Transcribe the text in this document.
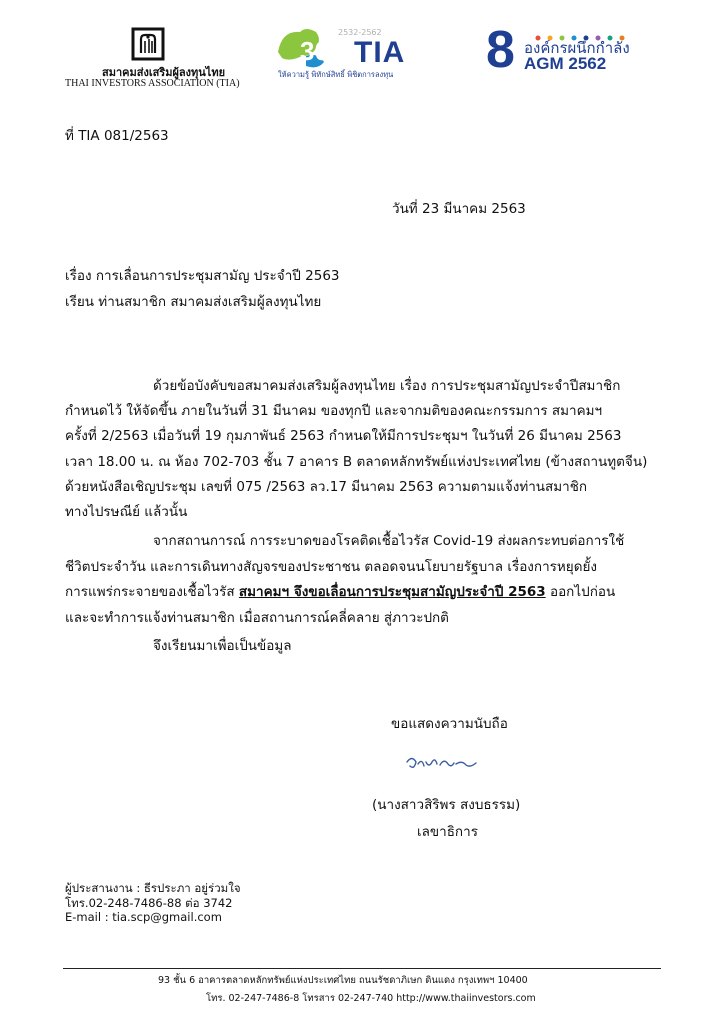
สมาคมส่งเสริมผู้ลงทุนไทย
THAI INVESTORS ASSOCIATION (TIA)
30
2532-2562
TIA
ให้ความรู้ พิทักษ์สิทธิ์ พิชิตการลงทุน 8 องค์กรผนึกกำลัง
AGM 2562
ที่ TIA 081/2563
วันที่ 23 มีนาคม 2563
เรื่อง การเลื่อนการประชุมสามัญ ประจำปี 2563
เรียน ท่านสมาชิก สมาคมส่งเสริมผู้ลงทุนไทย
ด้วยข้อบังคับขอสมาคมส่งเสริมผู้ลงทุนไทย เรื่อง การประชุมสามัญประจำปีสมาชิก
กำหนดไว้ ให้จัดขึ้น ภายในวันที่ 31 มีนาคม ของทุกปี และจากมติของคณะกรรมการ สมาคมฯ
ครั้งที่ 2/2563 เมื่อวันที่ 19 กุมภาพันธ์ 2563 กำหนดให้มีการประชุมฯ ในวันที่ 26 มีนาคม 2563
เวลา 18.00 น. ณ ห้อง 702-703 ชั้น 7 อาคาร B ตลาดหลักทรัพย์แห่งประเทศไทย (ข้างสถานทูตจีน)
ด้วยหนังสือเชิญประชุม เลขที่ 075 /2563 ลว.17 มีนาคม 2563 ความตามแจ้งท่านสมาชิก
ทางไปรษณีย์ แล้วนั้น
จากสถานการณ์ การระบาดของโรคติดเชื้อไวรัส Covid-19 ส่งผลกระทบต่อการใช้
ชีวิตประจำวัน และการเดินทางสัญจรของประชาชน ตลอดจนนโยบายรัฐบาล เรื่องการหยุดยั้ง
การแพร่กระจายของเชื้อไวรัส สมาคมฯ จึงขอเลื่อนการประชุมสามัญประจำปี 2563 ออกไปก่อน
และจะทำการแจ้งท่านสมาชิก เมื่อสถานการณ์คลี่คลาย สู่ภาวะปกติ
จึงเรียนมาเพื่อเป็นข้อมูล
ขอแสดงความนับถือ
(นางสาวสิริพร สงบธรรม)
เลขาธิการ
ผู้ประสานงาน : ธีรประภา อยู่ร่วมใจ
โทร.02-248-7486-88 ต่อ 3742
E-mail : tia.scp@gmail.com
93 ชั้น 6 อาคารตลาดหลักทรัพย์แห่งประเทศไทย ถนนรัชดาภิเษก ดินแดง กรุงเทพฯ 10400
โทร. 02-247-7486-8 โทรสาร 02-247-740 http://www.thaiinvestors.com
